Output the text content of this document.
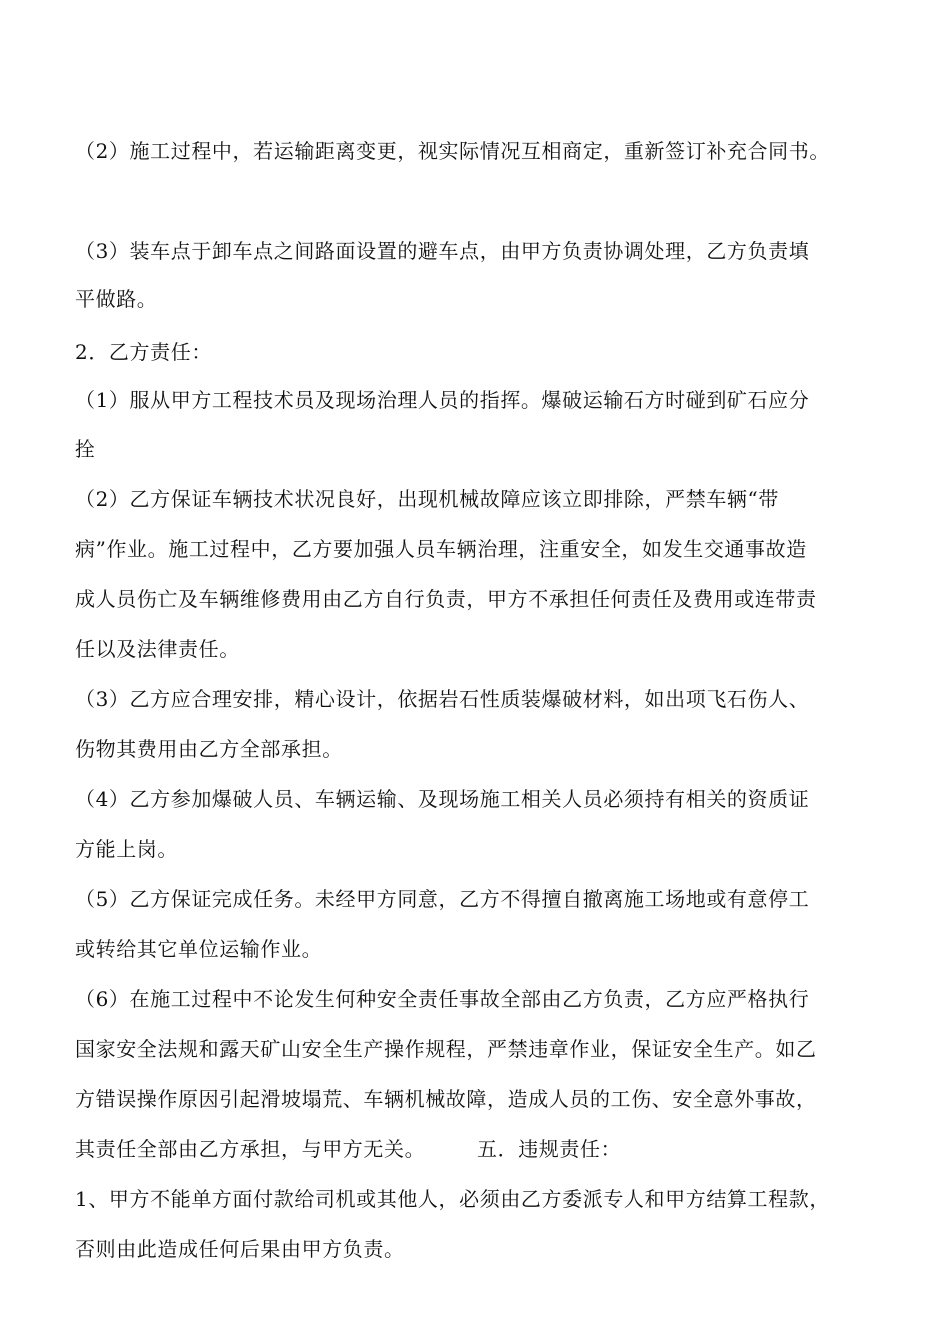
（2）施工过程中，若运输距离变更，视实际情况互相商定，重新签订补充合同书。
（3）装车点于卸车点之间路面设置的避车点，由甲方负责协调处理，乙方负责填
平做路。
2．乙方责任：
（1）服从甲方工程技术员及现场治理人员的指挥。爆破运输石方时碰到矿石应分
拴
（2）乙方保证车辆技术状况良好，出现机械故障应该立即排除，严禁车辆“带
病”作业。施工过程中，乙方要加强人员车辆治理，注重安全，如发生交通事故造
成人员伤亡及车辆维修费用由乙方自行负责，甲方不承担任何责任及费用或连带责
任以及法律责任。
（3）乙方应合理安排，精心设计，依据岩石性质装爆破材料，如出项飞石伤人、
伤物其费用由乙方全部承担。
（4）乙方参加爆破人员、车辆运输、及现场施工相关人员必须持有相关的资质证
方能上岗。
（5）乙方保证完成任务。未经甲方同意，乙方不得擅自撤离施工场地或有意停工
或转给其它单位运输作业。
（6）在施工过程中不论发生何种安全责任事故全部由乙方负责，乙方应严格执行
国家安全法规和露天矿山安全生产操作规程，严禁违章作业，保证安全生产。如乙
方错误操作原因引起滑坡塌荒、车辆机械故障，造成人员的工伤、安全意外事故，
其责任全部由乙方承担，与甲方无关。　　　五．违规责任：
1、甲方不能单方面付款给司机或其他人，必须由乙方委派专人和甲方结算工程款，
否则由此造成任何后果由甲方负责。
